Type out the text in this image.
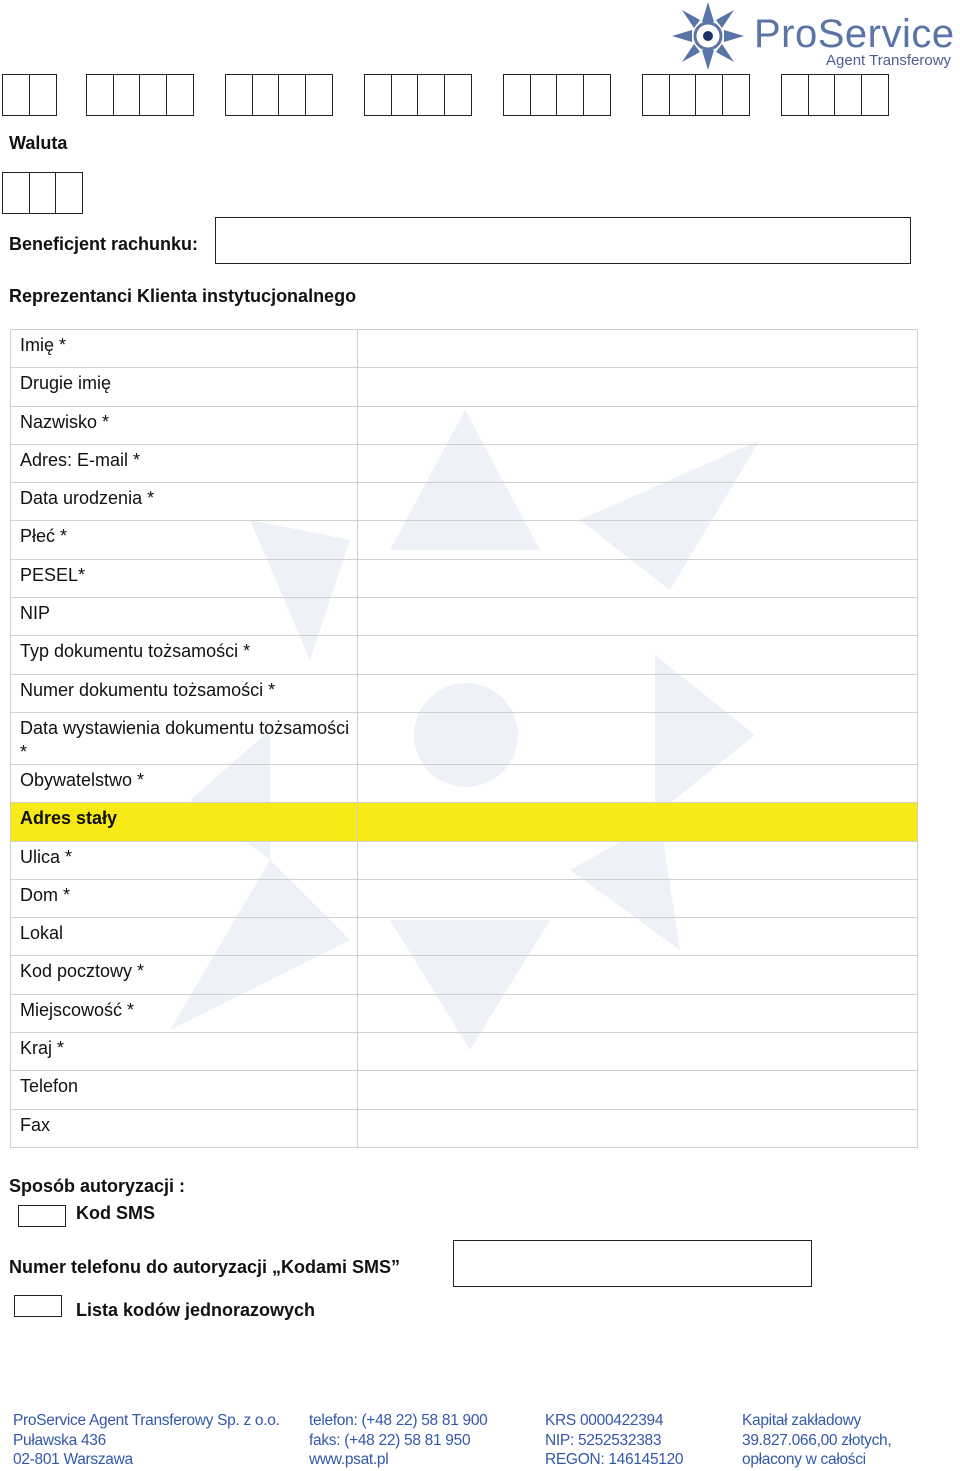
ProService
Agent Transferowy
Waluta
Beneficjent rachunku:
Reprezentanci Klienta instytucjonalnego
Imię *	
Drugie imię	
Nazwisko *	
Adres: E-mail *	
Data urodzenia *	
Płeć *	
PESEL*	
NIP	
Typ dokumentu tożsamości *	
Numer dokumentu tożsamości *	
Data wystawienia dokumentu tożsamości *	
Obywatelstwo *	
Adres stały	
Ulica *	
Dom *	
Lokal	
Kod pocztowy *	
Miejscowość *	
Kraj *	
Telefon	
Fax	
Sposób autoryzacji :
Kod SMS
Numer telefonu do autoryzacji „Kodami SMS”
Lista kodów jednorazowych
ProService Agent Transferowy Sp. z o.o.
Puławska 436
02-801 Warszawa
telefon: (+48 22) 58 81 900
faks: (+48 22) 58 81 950
www.psat.pl
KRS 0000422394
NIP: 5252532383
REGON: 146145120
Kapitał zakładowy
39.827.066,00 złotych,
opłacony w całości
